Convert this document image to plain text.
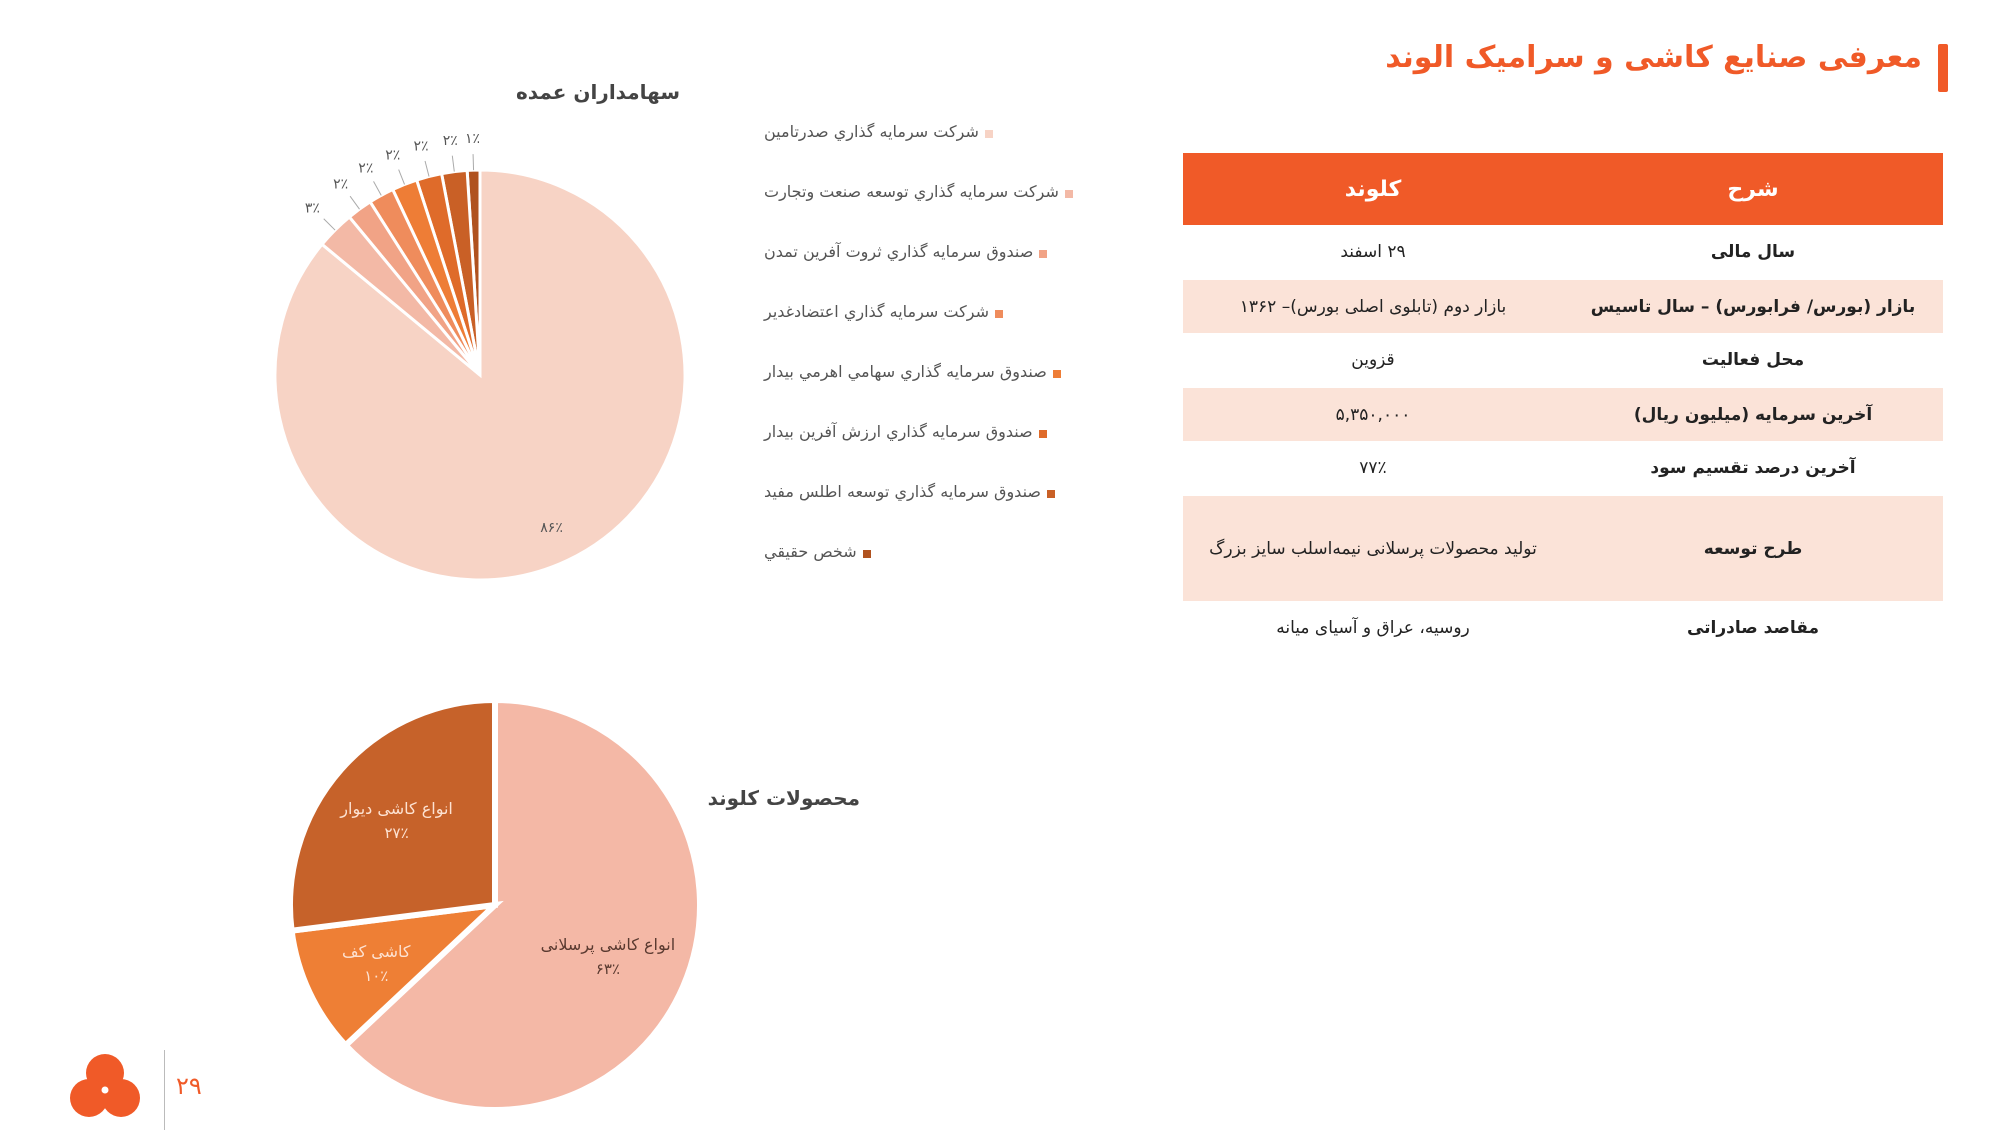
معرفی صنایع کاشی و سرامیک الوند
شرح	کلوند
سال مالی	۲۹ اسفند
بازار (بورس/ فرابورس) – سال تاسیس	بازار دوم (تابلوی اصلی بورس)– ۱۳۶۲
محل فعالیت	قزوین
آخرین سرمایه (میلیون ریال)	۵,۳۵۰,۰۰۰
آخرین درصد تقسیم سود	۷۷٪
طرح توسعه	تولید محصولات پرسلانی نیمه‌اسلب سایز بزرگ
مقاصد صادراتی	روسیه، عراق و آسیای میانه
سهامداران عمده
۸۶٪
۳٪
۲٪
۲٪
۲٪
۲٪ ۲٪ ۱٪	شرکت سرمايه گذاري صدرتامين
شرکت سرمايه گذاري توسعه صنعت وتجارت
صندوق سرمايه گذاري ثروت آفرين تمدن
شرکت سرمايه گذاري اعتضادغدير
صندوق سرمايه گذاري سهامي اهرمي بيدار
صندوق سرمايه گذاري ارزش آفرين بيدار
صندوق سرمايه گذاري توسعه اطلس مفيد
شخص حقيقي
محصولات کلوند
انواع کاشی پرسلانی
۶۳٪
کاشی کف
۱۰٪
انواع کاشی دیوار
۲۷٪
۲۹
